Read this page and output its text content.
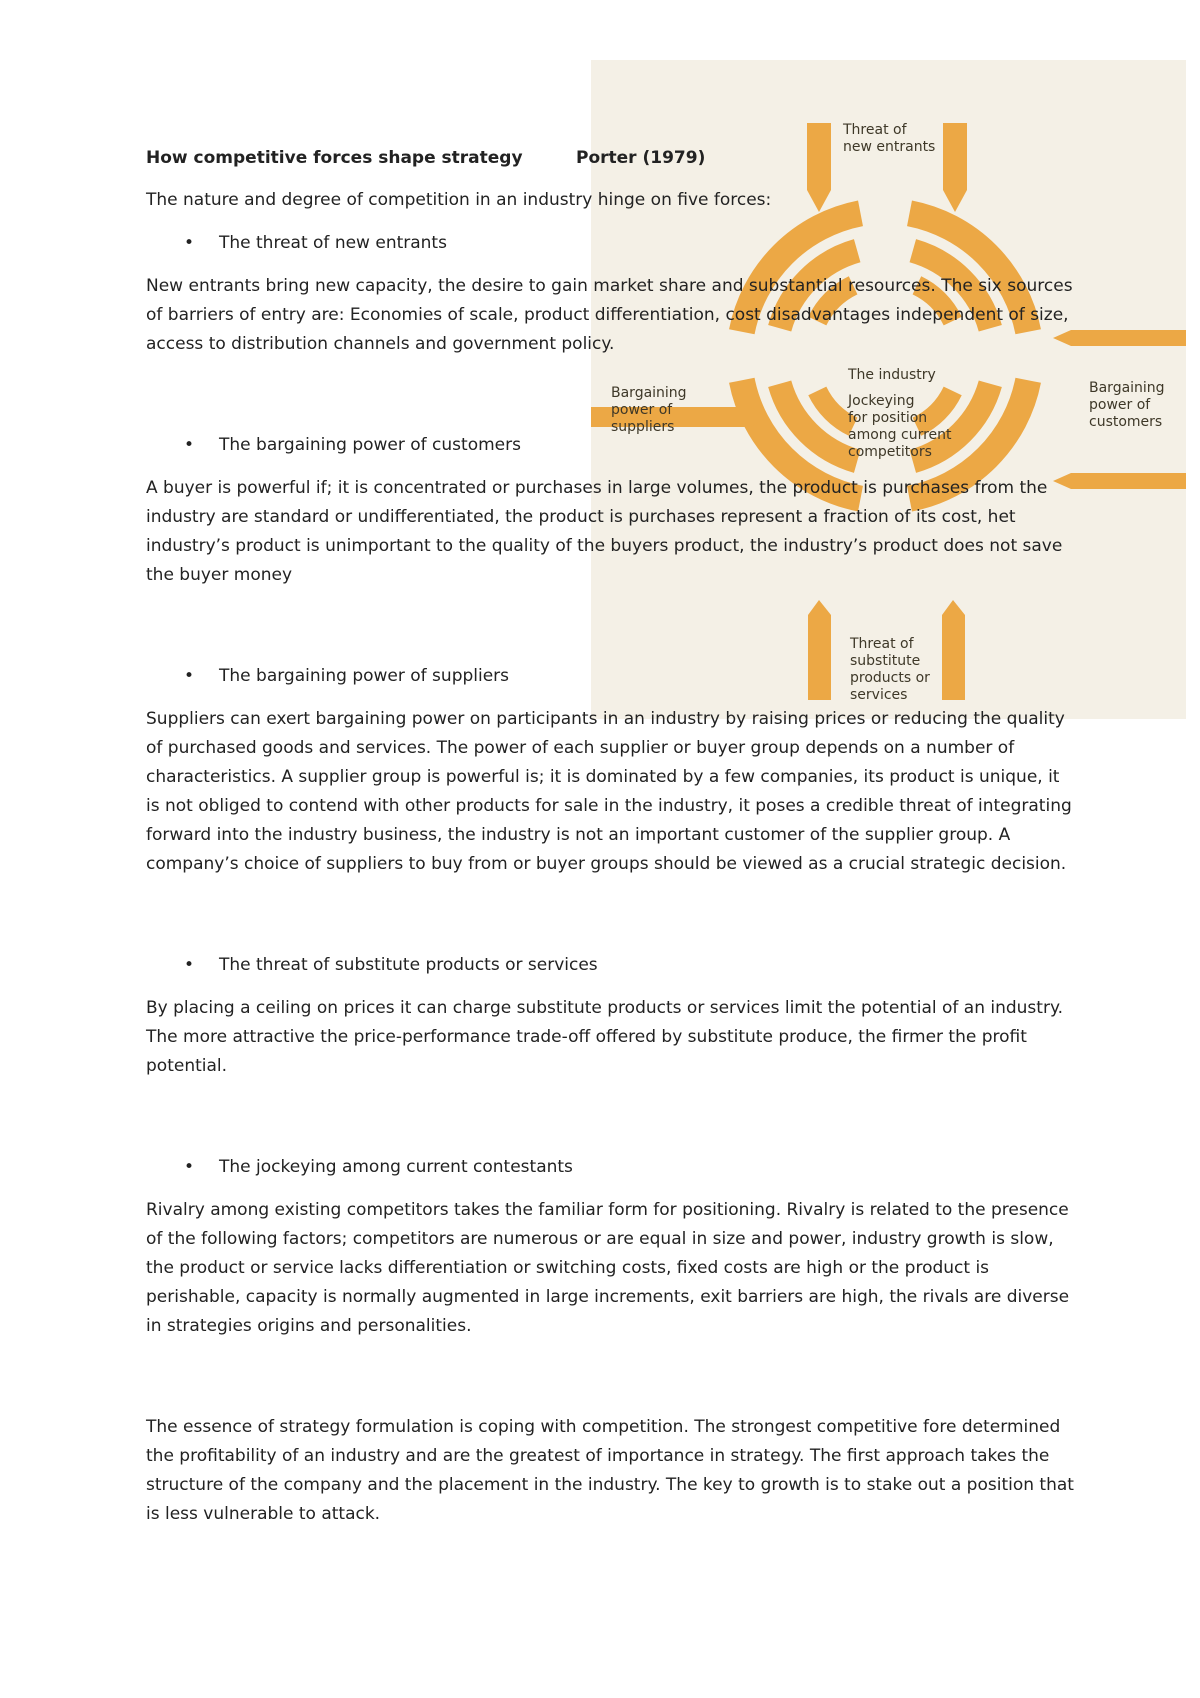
Threat of new entrants
Bargaining power of suppliers
Bargaining power of customers
Threat of substitute products or services
The industry
Jockeying for position among current competitors
How competitive forces shape strategy	Porter (1979)

The nature and degree of competition in an industry hinge on five forces:

• The threat of new entrants

New entrants bring new capacity, the desire to gain market share and substantial resources. The six sources of barriers of entry are: Economies of scale, product differentiation, cost disadvantages independent of size, access to distribution channels and government policy.

• The bargaining power of customers

A buyer is powerful if; it is concentrated or purchases in large volumes, the product is purchases from the industry are standard or undifferentiated, the product is purchases represent a fraction of its cost, het industry’s product is unimportant to the quality of the buyers product, the industry’s product does not save the buyer money

• The bargaining power of suppliers

Suppliers can exert bargaining power on participants in an industry by raising prices or reducing the quality of purchased goods and services. The power of each supplier or buyer group depends on a number of characteristics. A supplier group is powerful is; it is dominated by a few companies, its product is unique, it is not obliged to contend with other products for sale in the industry, it poses a credible threat of integrating forward into the industry business, the industry is not an important customer of the supplier group. A company’s choice of suppliers to buy from or buyer groups should be viewed as a crucial strategic decision.

• The threat of substitute products or services

By placing a ceiling on prices it can charge substitute products or services limit the potential of an industry. The more attractive the price-performance trade-off offered by substitute produce, the firmer the profit potential.

• The jockeying among current contestants

Rivalry among existing competitors takes the familiar form for positioning. Rivalry is related to the presence of the following factors; competitors are numerous or are equal in size and power, industry growth is slow, the product or service lacks differentiation or switching costs, fixed costs are high or the product is perishable, capacity is normally augmented in large increments, exit barriers are high, the rivals are diverse in strategies origins and personalities.

The essence of strategy formulation is coping with competition. The strongest competitive fore determined the profitability of an industry and are the greatest of importance in strategy. The first approach takes the structure of the company and the placement in the industry. The key to growth is to stake out a position that is less vulnerable to attack.
